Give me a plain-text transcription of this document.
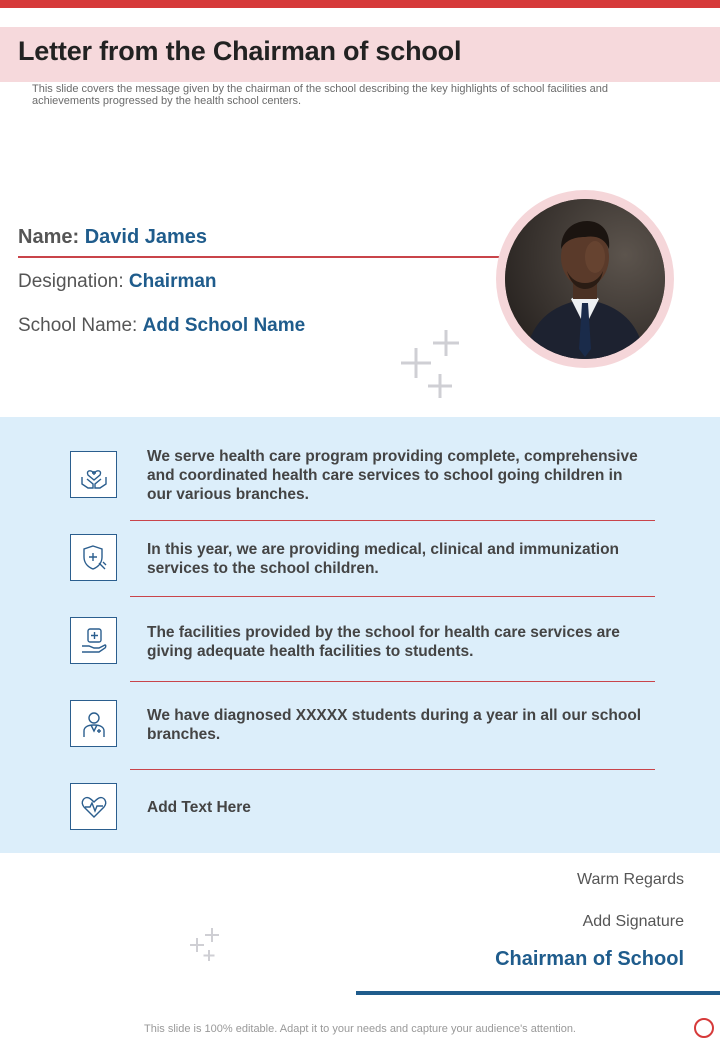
Letter from the Chairman of school

This slide covers the message given by the chairman of the school describing the key highlights of school facilities and achievements progressed by the health school centers.

Name: David James
Designation: Chairman
School Name: Add School Name

We serve health care program providing complete, comprehensive and coordinated health care services to school going children in our various branches.

In this year, we are providing medical, clinical and immunization services to the school children.

The facilities provided by the school for health care services are giving adequate health facilities to students.

We have diagnosed XXXXX students during a year in all our school branches.

Add Text Here

Warm Regards
Add Signature
Chairman of School
This slide is 100% editable. Adapt it to your needs and capture your audience's attention.
